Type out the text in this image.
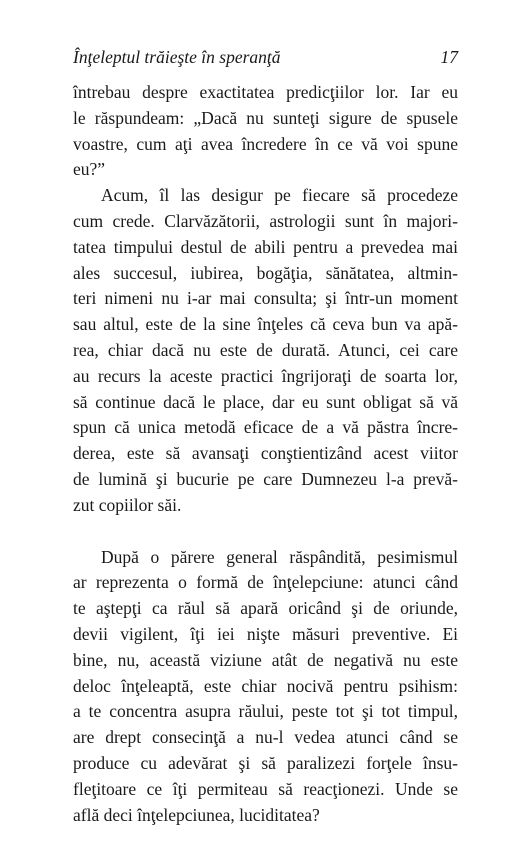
Înţeleptul trăieşte în speranţă	17
întrebau despre exactitatea predicţiilor lor. Iar eu
le răspundeam: „Dacă nu sunteţi sigure de spusele
voastre, cum aţi avea încredere în ce vă voi spune
eu?”
Acum, îl las desigur pe fiecare să procedeze
cum crede. Clarvăzătorii, astrologii sunt în majori-
tatea timpului destul de abili pentru a prevedea mai
ales succesul, iubirea, bogăţia, sănătatea, altmin-
teri nimeni nu i-ar mai consulta; şi într-un moment
sau altul, este de la sine înţeles că ceva bun va apă-
rea, chiar dacă nu este de durată. Atunci, cei care
au recurs la aceste practici îngrijoraţi de soarta lor,
să continue dacă le place, dar eu sunt obligat să vă
spun că unica metodă eficace de a vă păstra încre-
derea, este să avansaţi conştientizând acest viitor
de lumină şi bucurie pe care Dumnezeu l-a prevă-
zut copiilor săi.
După o părere general răspândită, pesimismul
ar reprezenta o formă de înţelepciune: atunci când
te aştepţi ca răul să apară oricând şi de oriunde,
devii vigilent, îţi iei nişte măsuri preventive. Ei
bine, nu, această viziune atât de negativă nu este
deloc înţeleaptă, este chiar nocivă pentru psihism:
a te concentra asupra răului, peste tot şi tot timpul,
are drept consecinţă a nu-l vedea atunci când se
produce cu adevărat şi să paralizezi forţele însu-
fleţitoare ce îţi permiteau să reacţionezi. Unde se
află deci înţelepciunea, luciditatea?
